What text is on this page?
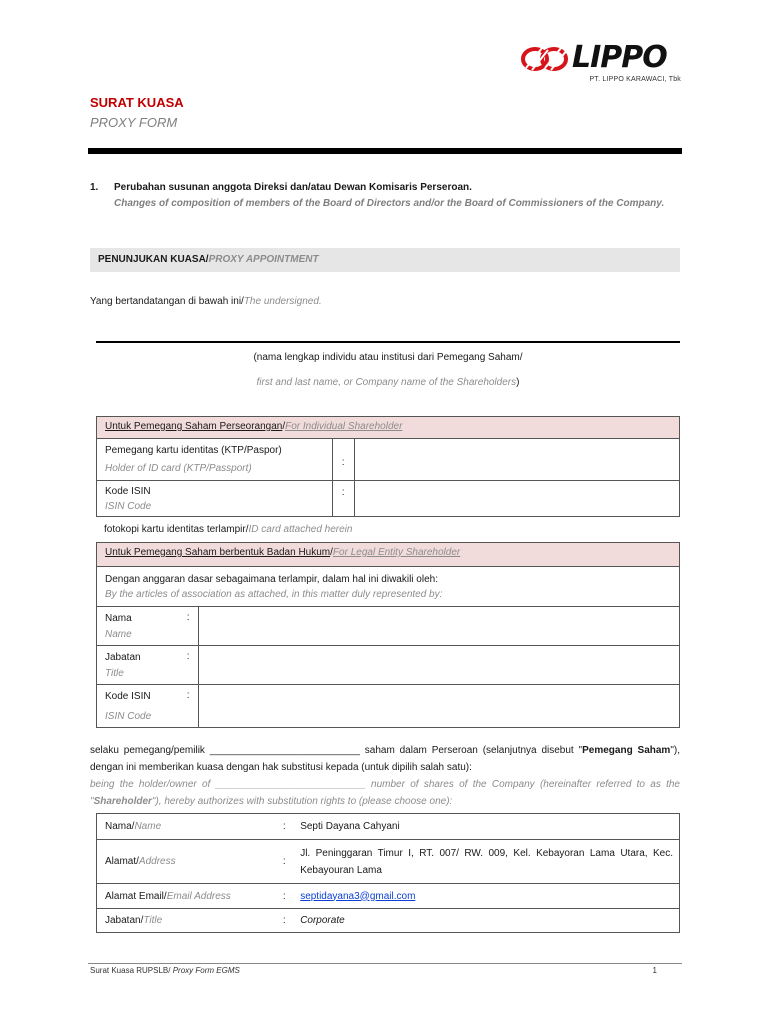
LIPPO
PT. LIPPO KARAWACI, Tbk
SURAT KUASA
PROXY FORM
1. Perubahan susunan anggota Direksi dan/atau Dewan Komisaris Perseroan.
Changes of composition of members of the Board of Directors and/or the Board of Commissioners of the Company.
PENUNJUKAN KUASA/PROXY APPOINTMENT
Yang bertandatangan di bawah ini/The undersigned.
(nama lengkap individu atau institusi dari Pemegang Saham/
first and last name, or Company name of the Shareholders)
Untuk Pemegang Saham Perseorangan/For Individual Shareholder		

Pemegang kartu identitas (KTP/Paspor)
Holder of ID card (KTP/Passport)	:	

Kode ISIN
ISIN Code	:	
fotokopi kartu identitas terlampir/ID card attached herein
Untuk Pemegang Saham berbentuk Badan Hukum/For Legal Entity Shareholder		

Dengan anggaran dasar sebagaimana terlampir, dalam hal ini diwakili oleh:
By the articles of association as attached, in this matter duly represented by:		

Nama
Name	:	

Jabatan
Title	:	

Kode ISIN
ISIN Code	:	
selaku pemegang/pemilik ___________________________ saham dalam Perseroan (selanjutnya disebut "Pemegang Saham"), dengan ini memberikan kuasa dengan hak substitusi kepada (untuk dipilih salah satu):
being the holder/owner of ___________________________ number of shares of the Company (hereinafter referred to as the "Shareholder"), hereby authorizes with substitution rights to (please choose one):
Nama/Name	:	Septi Dayana Cahyani
Alamat/Address	:	Jl. Peninggaran Timur I, RT. 007/ RW. 009, Kel. Kebayoran Lama Utara, Kec. Kebayouran Lama
Alamat Email/Email Address	:	septidayana3@gmail.com
Jabatan/Title	:	Corporate
Surat Kuasa RUPSLB/ Proxy Form EGMS	1
